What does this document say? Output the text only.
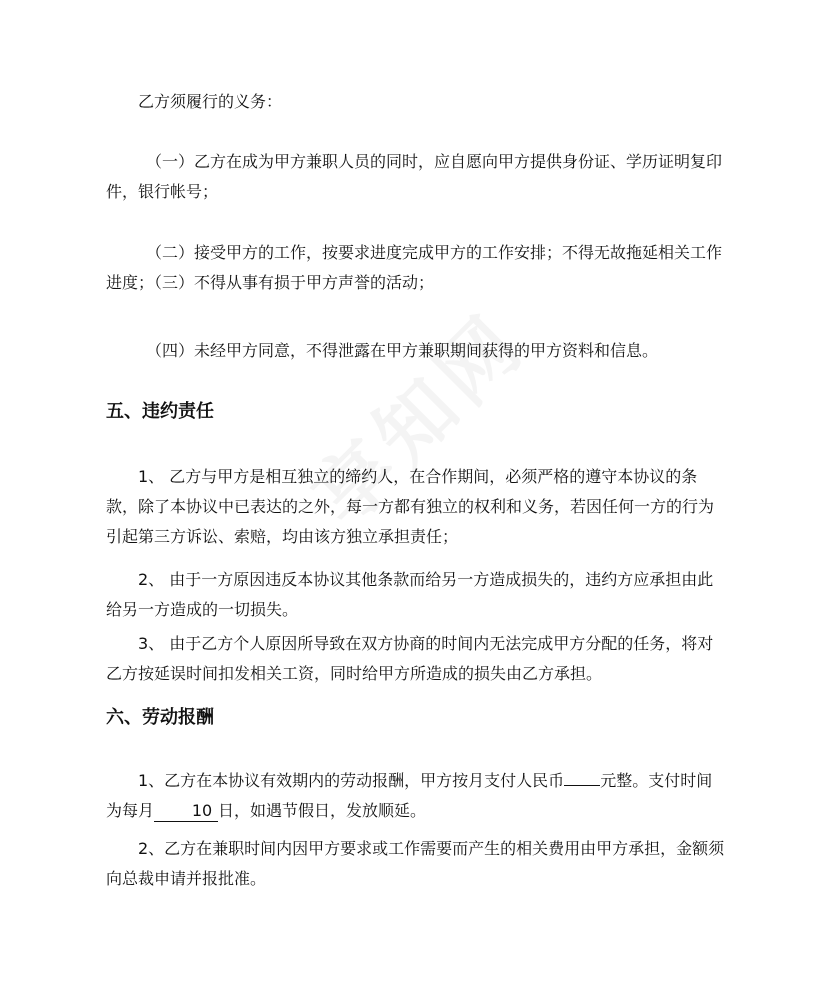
乙方须履行的义务：

（一）乙方在成为甲方兼职人员的同时，应自愿向甲方提供身份证、学历证明复印件，银行帐号；

（二）接受甲方的工作，按要求进度完成甲方的工作安排；不得无故拖延相关工作进度；（三）不得从事有损于甲方声誉的活动；

（四）未经甲方同意，不得泄露在甲方兼职期间获得的甲方资料和信息。

五、违约责任

1、 乙方与甲方是相互独立的缔约人，在合作期间，必须严格的遵守本协议的条款，除了本协议中已表达的之外，每一方都有独立的权利和义务，若因任何一方的行为引起第三方诉讼、索赔，均由该方独立承担责任；

2、 由于一方原因违反本协议其他条款而给另一方造成损失的，违约方应承担由此给另一方造成的一切损失。

3、 由于乙方个人原因所导致在双方协商的时间内无法完成甲方分配的任务，将对乙方按延误时间扣发相关工资，同时给甲方所造成的损失由乙方承担。

六、劳动报酬

1、乙方在本协议有效期内的劳动报酬，甲方按月支付人民币 元整。支付时间为每月 10 日，如遇节假日，发放顺延。

2、乙方在兼职时间内因甲方要求或工作需要而产生的相关费用由甲方承担，金额须向总裁申请并报批准。
